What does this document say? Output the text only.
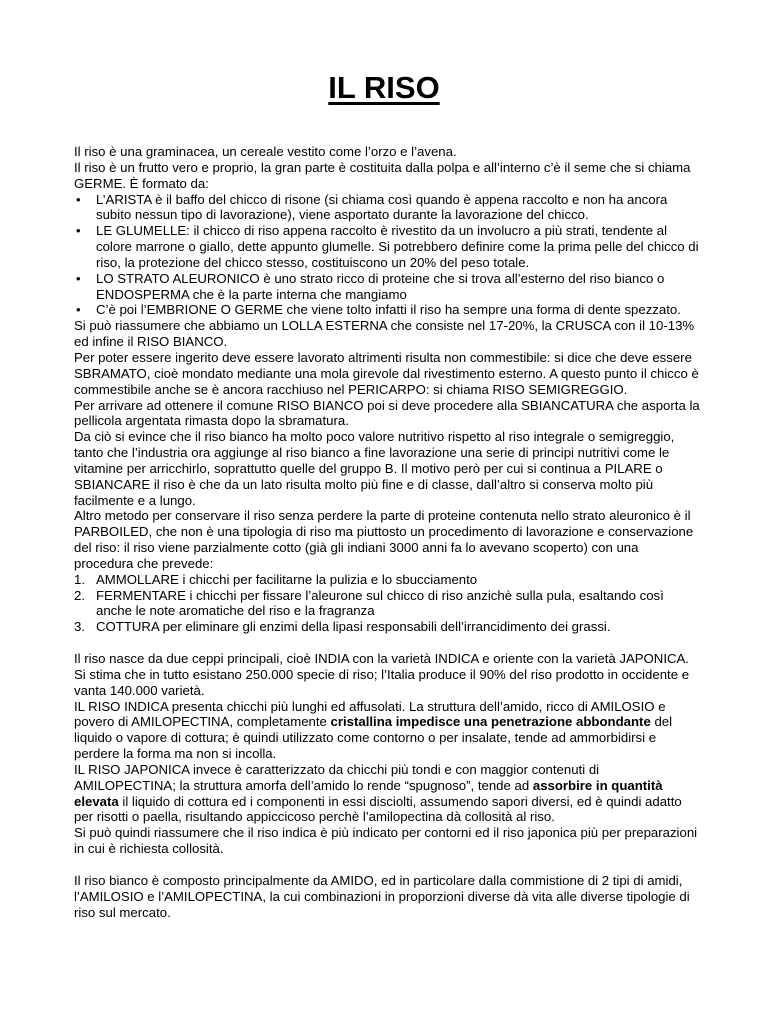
IL RISO

Il riso è una graminacea, un cereale vestito come l’orzo e l’avena.

Il riso è un frutto vero e proprio, la gran parte è costituita dalla polpa e all’interno c’è il seme che si chiama GERME. È formato da:

• L’ARISTA è il baffo del chicco di risone (si chiama così quando è appena raccolto e non ha ancora subito nessun tipo di lavorazione), viene asportato durante la lavorazione del chicco.
• LE GLUMELLE: il chicco di riso appena raccolto è rivestito da un involucro a più strati, tendente al colore marrone o giallo, dette appunto glumelle. Si potrebbero definire come la prima pelle del chicco di riso, la protezione del chicco stesso, costituiscono un 20% del peso totale.
• LO STRATO ALEURONICO è uno strato ricco di proteine che si trova all’esterno del riso bianco o ENDOSPERMA che è la parte interna che mangiamo
• C’è poi l’EMBRIONE O GERME che viene tolto infatti il riso ha sempre una forma di dente spezzato.

Si può riassumere che abbiamo un LOLLA ESTERNA che consiste nel 17-20%, la CRUSCA con il 10-13% ed infine il RISO BIANCO.

Per poter essere ingerito deve essere lavorato altrimenti risulta non commestibile: si dice che deve essere SBRAMATO, cioè mondato mediante una mola girevole dal rivestimento esterno. A questo punto il chicco è commestibile anche se è ancora racchiuso nel PERICARPO: si chiama RISO SEMIGREGGIO.

Per arrivare ad ottenere il comune RISO BIANCO poi si deve procedere alla SBIANCATURA che asporta la pellicola argentata rimasta dopo la sbramatura.

Da ciò si evince che il riso bianco ha molto poco valore nutritivo rispetto al riso integrale o semigreggio, tanto che l’industria ora aggiunge al riso bianco a fine lavorazione una serie di principi nutritivi come le vitamine per arricchirlo, soprattutto quelle del gruppo B. Il motivo però per cui si continua a PILARE o SBIANCARE il riso è che da un lato risulta molto più fine e di classe, dall’altro si conserva molto più facilmente e a lungo.

Altro metodo per conservare il riso senza perdere la parte di proteine contenuta nello strato aleuronico è il PARBOILED, che non è una tipologia di riso ma piuttosto un procedimento di lavorazione e conservazione del riso: il riso viene parzialmente cotto (già gli indiani 3000 anni fa lo avevano scoperto) con una procedura che prevede:

1. AMMOLLARE i chicchi per facilitarne la pulizia e lo sbucciamento
2. FERMENTARE i chicchi per fissare l’aleurone sul chicco di riso anzichè sulla pula, esaltando così anche le note aromatiche del riso e la fragranza
3. COTTURA per eliminare gli enzimi della lipasi responsabili dell’irrancidimento dei grassi.

Il riso nasce da due ceppi principali, cioè INDIA con la varietà INDICA e oriente con la varietà JAPONICA. Si stima che in tutto esistano 250.000 specie di riso; l’Italia produce il 90% del riso prodotto in occidente e vanta 140.000 varietà.

IL RISO INDICA presenta chicchi più lunghi ed affusolati. La struttura dell’amido, ricco di AMILOSIO e povero di AMILOPECTINA, completamente cristallina impedisce una penetrazione abbondante del liquido o vapore di cottura; è quindi utilizzato come contorno o per insalate, tende ad ammorbidirsi e perdere la forma ma non si incolla.

IL RISO JAPONICA invece è caratterizzato da chicchi più tondi e con maggior contenuti di AMILOPECTINA; la struttura amorfa dell’amido lo rende “spugnoso”, tende ad assorbire in quantità elevata il liquido di cottura ed i componenti in essi disciolti, assumendo sapori diversi, ed è quindi adatto per risotti o paella, risultando appiccicoso perchè l’amilopectina dà collosità al riso.

Si può quindi riassumere che il riso indica è più indicato per contorni ed il riso japonica più per preparazioni in cui è richiesta collosità.

Il riso bianco è composto principalmente da AMIDO, ed in particolare dalla commistione di 2 tipi di amidi, l’AMILOSIO e l’AMILOPECTINA, la cui combinazioni in proporzioni diverse dà vita alle diverse tipologie di riso sul mercato.
